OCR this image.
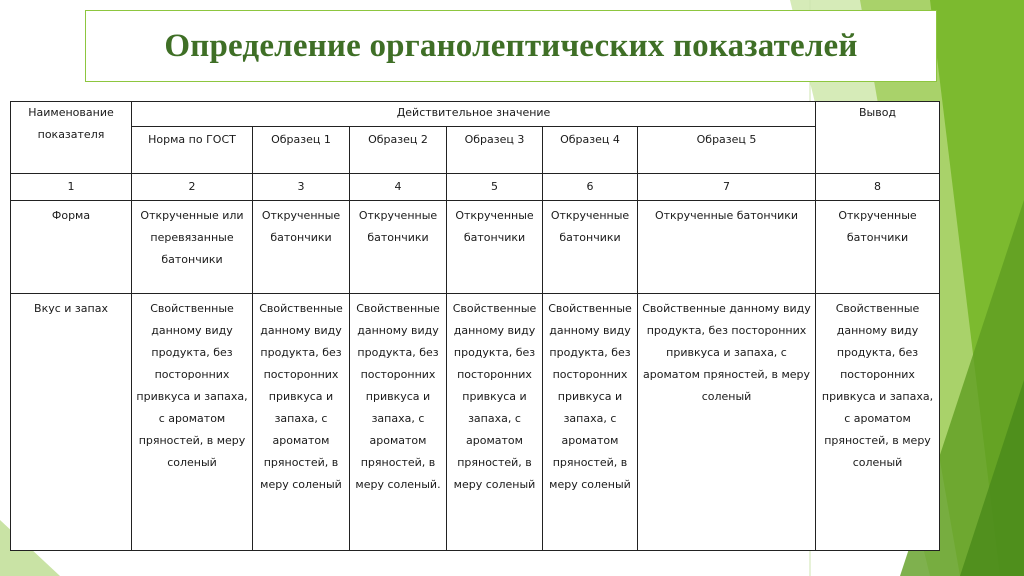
Определение органолептических показателей
Наименование показателя	Действительное значение						Вывод
	Норма по ГОСТ	Образец 1	Образец 2	Образец 3	Образец 4	Образец 5	
1	2	3	4	5	6	7	8
Форма	Открученные или перевязанные батончики	Открученные батончики	Открученные батончики	Открученные батончики	Открученные батончики	Открученные батончики	Открученные батончики
Вкус и запах	Свойственные данному виду продукта, без посторонних привкуса и запаха, с ароматом пряностей, в меру соленый	Свойственные данному виду продукта, без посторонних привкуса и запаха, с ароматом пряностей, в меру соленый	Свойственные данному виду продукта, без посторонних привкуса и запаха, с ароматом пряностей, в меру соленый.	Свойственные данному виду продукта, без посторонних привкуса и запаха, с ароматом пряностей, в меру соленый	Свойственные данному виду продукта, без посторонних привкуса и запаха, с ароматом пряностей, в меру соленый	Свойственные данному виду продукта, без посторонних привкуса и запаха, с ароматом пряностей, в меру соленый	Свойственные данному виду продукта, без посторонних привкуса и запаха, с ароматом пряностей, в меру соленый
